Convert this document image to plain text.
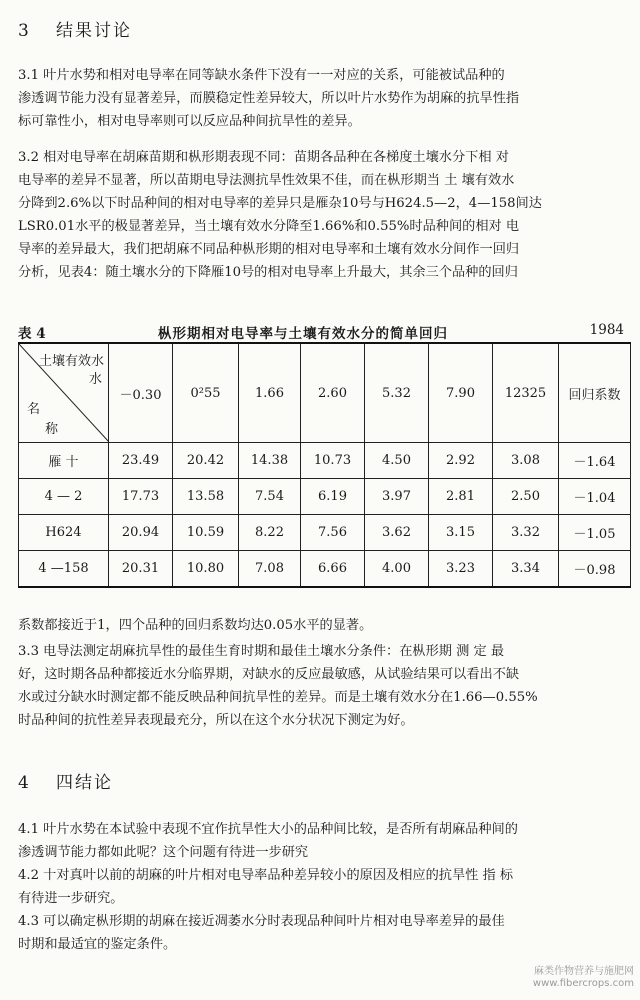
3 结果讨论
3.1 叶片水势和相对电导率在同等缺水条件下没有一一对应的关系，可能被试品种的
渗透调节能力没有显著差异，而膜稳定性差异较大，所以叶片水势作为胡麻的抗旱性指
标可靠性小，相对电导率则可以反应品种间抗旱性的差异。
3.2 相对电导率在胡麻苗期和枞形期表现不同：苗期各品种在各梯度土壤水分下相 对
电导率的差异不显著，所以苗期电导法测抗旱性效果不佳，而在枞形期当 土 壤有效水
分降到2.6%以下时品种间的相对电导率的差异只是雁杂10号与H624.5—2，4—158间达
LSR0.01水平的极显著差异，当土壤有效水分降至1.66%和0.55%时品种间的相对 电
导率的差异最大，我们把胡麻不同品种枞形期的相对电导率和土壤有效水分间作一回归
分析，见表4：随土壤水分的下降雁10号的相对电导率上升最大，其余三个品种的回归
表 4	枞形期相对电导率与土壤有效水分的简单回归	1984
土壤有效水
水
名
称	－0.30	0²55	1.66	2.60	5.32	7.90	12325	回归系数
雁 十	23.49	20.42	14.38	10.73	4.50	2.92	3.08	－1.64
4 — 2	17.73	13.58	7.54	6.19	3.97	2.81	2.50	－1.04
H624	20.94	10.59	8.22	7.56	3.62	3.15	3.32	－1.05
4 —158	20.31	10.80	7.08	6.66	4.00	3.23	3.34	－0.98
系数都接近于1，四个品种的回归系数均达0.05水平的显著。
3.3 电导法测定胡麻抗旱性的最佳生育时期和最佳土壤水分条件：在枞形期 测 定 最
好，这时期各品种都接近水分临界期，对缺水的反应最敏感，从试验结果可以看出不缺
水或过分缺水时测定都不能反映品种间抗旱性的差异。而是土壤有效水分在1.66—0.55%
时品种间的抗性差异表现最充分，所以在这个水分状况下测定为好。
4 四结论
4.1 叶片水势在本试验中表现不宜作抗旱性大小的品种间比较，是否所有胡麻品种间的
渗透调节能力都如此呢？这个问题有待进一步研究
4.2 十对真叶以前的胡麻的叶片相对电导率品种差异较小的原因及相应的抗旱性 指 标
有待进一步研究。
4.3 可以确定枞形期的胡麻在接近凋萎水分时表现品种间叶片相对电导率差异的最佳
时期和最适宜的鉴定条件。
麻类作物营养与施肥网
www.fibercrops.com
